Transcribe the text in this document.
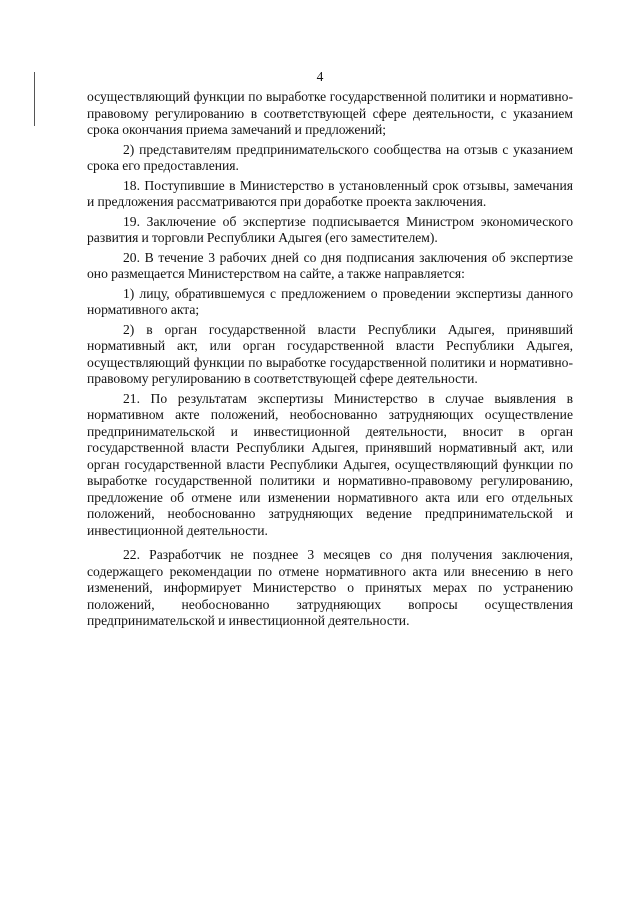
4

осуществляющий функции по выработке государственной политики и нормативно-правовому регулированию в соответствующей сфере деятельности, с указанием срока окончания приема замечаний и предложений;

2) представителям предпринимательского сообщества на отзыв с указанием срока его предоставления.

18. Поступившие в Министерство в установленный срок отзывы, замечания и предложения рассматриваются при доработке проекта заключения.

19. Заключение об экспертизе подписывается Министром экономического развития и торговли Республики Адыгея (его заместителем).

20. В течение 3 рабочих дней со дня подписания заключения об экспертизе оно размещается Министерством на сайте, а также направляется:

1) лицу, обратившемуся с предложением о проведении экспертизы данного нормативного акта;

2) в орган государственной власти Республики Адыгея, принявший нормативный акт, или орган государственной власти Республики Адыгея, осуществляющий функции по выработке государственной политики и нормативно-правовому регулированию в соответствующей сфере деятельности.

21. По результатам экспертизы Министерство в случае выявления в нормативном акте положений, необоснованно затрудняющих осуществление предпринимательской и инвестиционной деятельности, вносит в орган государственной власти Республики Адыгея, принявший нормативный акт, или орган государственной власти Республики Адыгея, осуществляющий функции по выработке государственной политики и нормативно-правовому регулированию, предложение об отмене или изменении нормативного акта или его отдельных положений, необоснованно затрудняющих ведение предпринимательской и инвестиционной деятельности.

22. Разработчик не позднее 3 месяцев со дня получения заключения, содержащего рекомендации по отмене нормативного акта или внесению в него изменений, информирует Министерство о принятых мерах по устранению положений, необоснованно затрудняющих вопросы осуществления предпринимательской и инвестиционной деятельности.
